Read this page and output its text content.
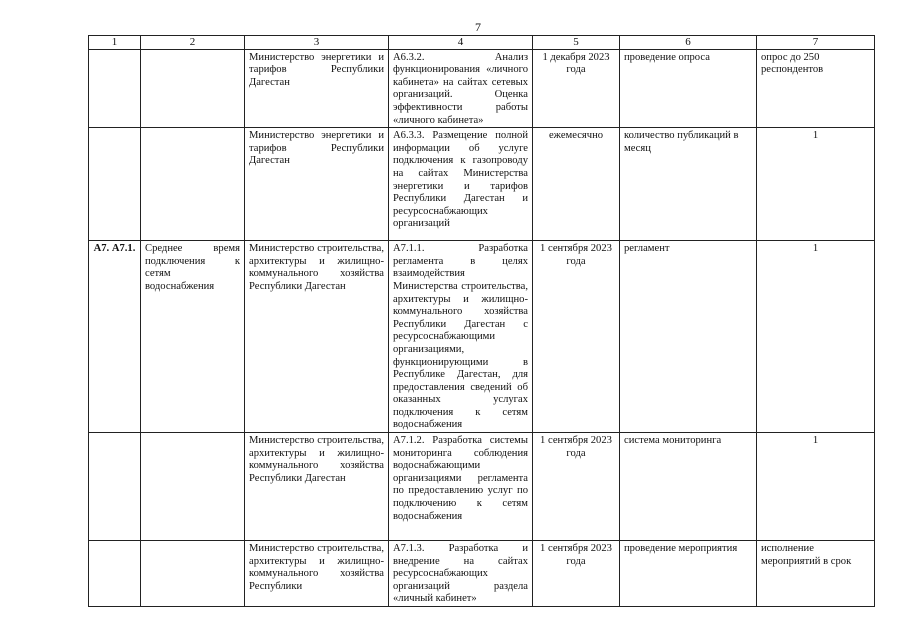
7
1	2	3	4	5	6	7
		Министерство энергетики и тарифов Республики Дагестан	А6.3.2. Анализ функционирования «личного кабинета» на сайтах сетевых организаций. Оценка эффективности работы «личного кабинета»	1 декабря 2023 года	проведение опроса	опрос до 250 респондентов
		Министерство энергетики и тарифов Республики Дагестан	А6.3.3. Размещение полной информации об услуге подключения к газопроводу на сайтах Министерства энергетики и тарифов Республики Дагестан и ресурсоснабжающих организаций	ежемесячно	количество публикаций в месяц	1
А7. А7.1.	Среднее время подключения к сетям водоснабжения	Министерство строительства, архитектуры и жилищно-коммунального хозяйства Республики Дагестан	А7.1.1. Разработка регламента в целях взаимодействия Министерства строительства, архитектуры и жилищно-коммунального хозяйства Республики Дагестан с ресурсоснабжающими организациями, функционирующими в Республике Дагестан, для предоставления сведений об оказанных услугах подключения к сетям водоснабжения	1 сентября 2023 года	регламент	1
		Министерство строительства, архитектуры и жилищно-коммунального хозяйства Республики Дагестан	А7.1.2. Разработка системы мониторинга соблюдения водоснабжающими организациями регламента по предоставлению услуг по подключению к сетям водоснабжения	1 сентября 2023 года	система мониторинга	1
		Министерство строительства, архитектуры и жилищно-коммунального хозяйства Республики	А7.1.3. Разработка и внедрение на сайтах ресурсоснабжающих организаций раздела «личный кабинет»	1 сентября 2023 года	проведение мероприятия	исполнение мероприятий в срок
